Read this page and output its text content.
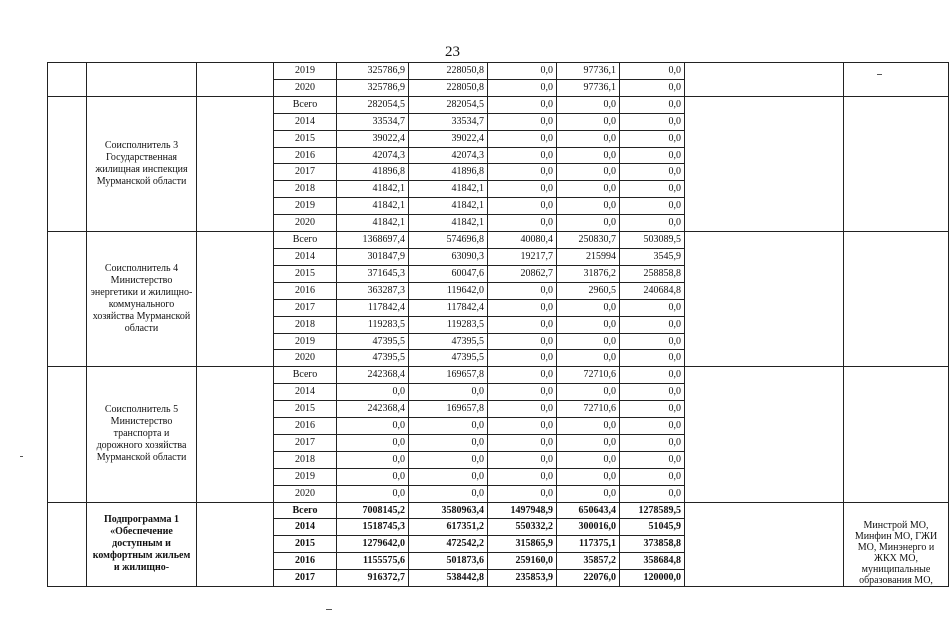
23
			2019	325786,9	228050,8	0,0	97736,1	0,0		
			2020	325786,9	228050,8	0,0	97736,1	0,0		
	Соисполнитель 3 Государственная жилищная инспекция Мурманской области		Всего	282054,5	282054,5	0,0	0,0	0,0		
			2014	33534,7	33534,7	0,0	0,0	0,0		
			2015	39022,4	39022,4	0,0	0,0	0,0		
			2016	42074,3	42074,3	0,0	0,0	0,0		
			2017	41896,8	41896,8	0,0	0,0	0,0		
			2018	41842,1	41842,1	0,0	0,0	0,0		
			2019	41842,1	41842,1	0,0	0,0	0,0		
			2020	41842,1	41842,1	0,0	0,0	0,0		
	Соисполнитель 4 Министерство энергетики и жилищно-коммунального хозяйства Мурманской области		Всего	1368697,4	574696,8	40080,4	250830,7	503089,5		
			2014	301847,9	63090,3	19217,7	215994	3545,9		
			2015	371645,3	60047,6	20862,7	31876,2	258858,8		
			2016	363287,3	119642,0	0,0	2960,5	240684,8		
			2017	117842,4	117842,4	0,0	0,0	0,0		
			2018	119283,5	119283,5	0,0	0,0	0,0		
			2019	47395,5	47395,5	0,0	0,0	0,0		
			2020	47395,5	47395,5	0,0	0,0	0,0		
	Соисполнитель 5 Министерство транспорта и дорожного хозяйства Мурманской области		Всего	242368,4	169657,8	0,0	72710,6	0,0		
			2014	0,0	0,0	0,0	0,0	0,0		
			2015	242368,4	169657,8	0,0	72710,6	0,0		
			2016	0,0	0,0	0,0	0,0	0,0		
			2017	0,0	0,0	0,0	0,0	0,0		
			2018	0,0	0,0	0,0	0,0	0,0		
			2019	0,0	0,0	0,0	0,0	0,0		
			2020	0,0	0,0	0,0	0,0	0,0		
	Подпрограмма 1 «Обеспечение доступным и комфортным жильем и жилищно-		Всего	7008145,2	3580963,4	1497948,9	650643,4	1278589,5		Минстрой МО, Минфин МО, ГЖИ МО, Минэнерго и ЖКХ МО, муниципальные образования МО,
			2014	1518745,3	617351,2	550332,2	300016,0	51045,9		
			2015	1279642,0	472542,2	315865,9	117375,1	373858,8		
			2016	1155575,6	501873,6	259160,0	35857,2	358684,8		
			2017	916372,7	538442,8	235853,9	22076,0	120000,0		
